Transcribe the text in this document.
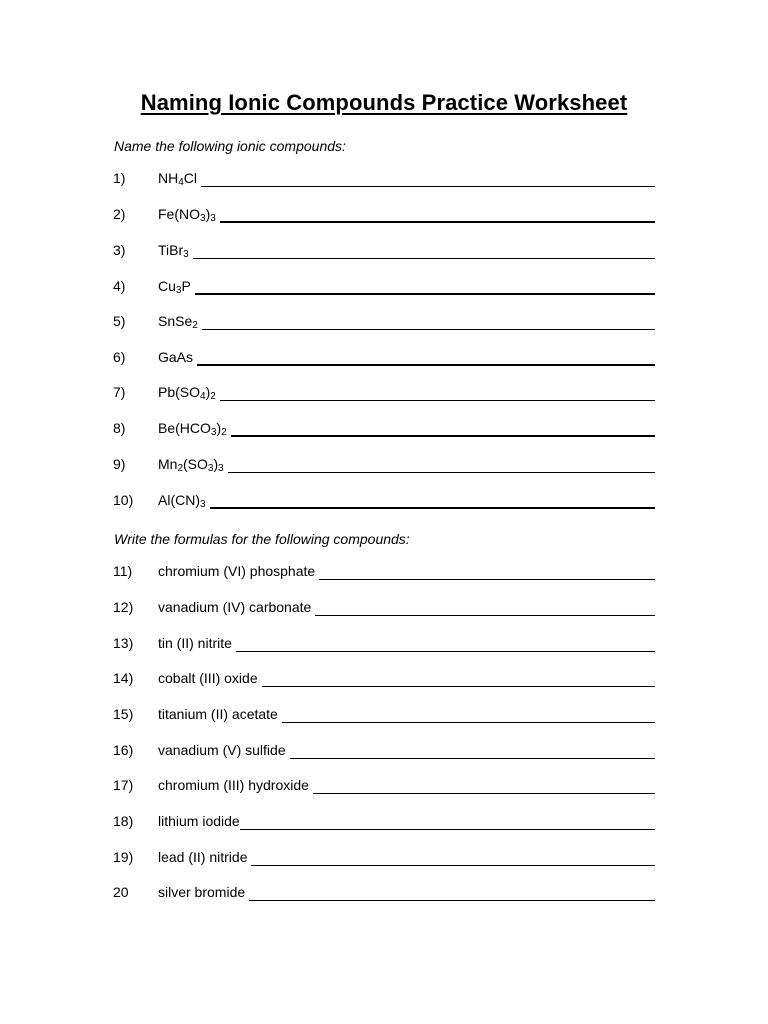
Naming Ionic Compounds Practice Worksheet
Name the following ionic compounds:
1) $NH_4Cl$
2) $Fe(NO_3)_3$
3) TiBr$_3$
4) $Cu_3P$
5) SnSe$_2$
6) GaAs
7) $Pb(SO_4)_2$
8) $Be(HCO_3)_2$
9) $Mn_2(SO_3)_3$
10) $Al(CN)_3$
Write the formulas for the following compounds:
11) chromium (VI) phosphate
12) vanadium (IV) carbonate
13) tin (II) nitrite
14) cobalt (III) oxide
15) titanium (II) acetate
16) vanadium (V) sulfide
17) chromium (III) hydroxide
18) lithium iodide
19) lead (II) nitride
20 silver bromide
